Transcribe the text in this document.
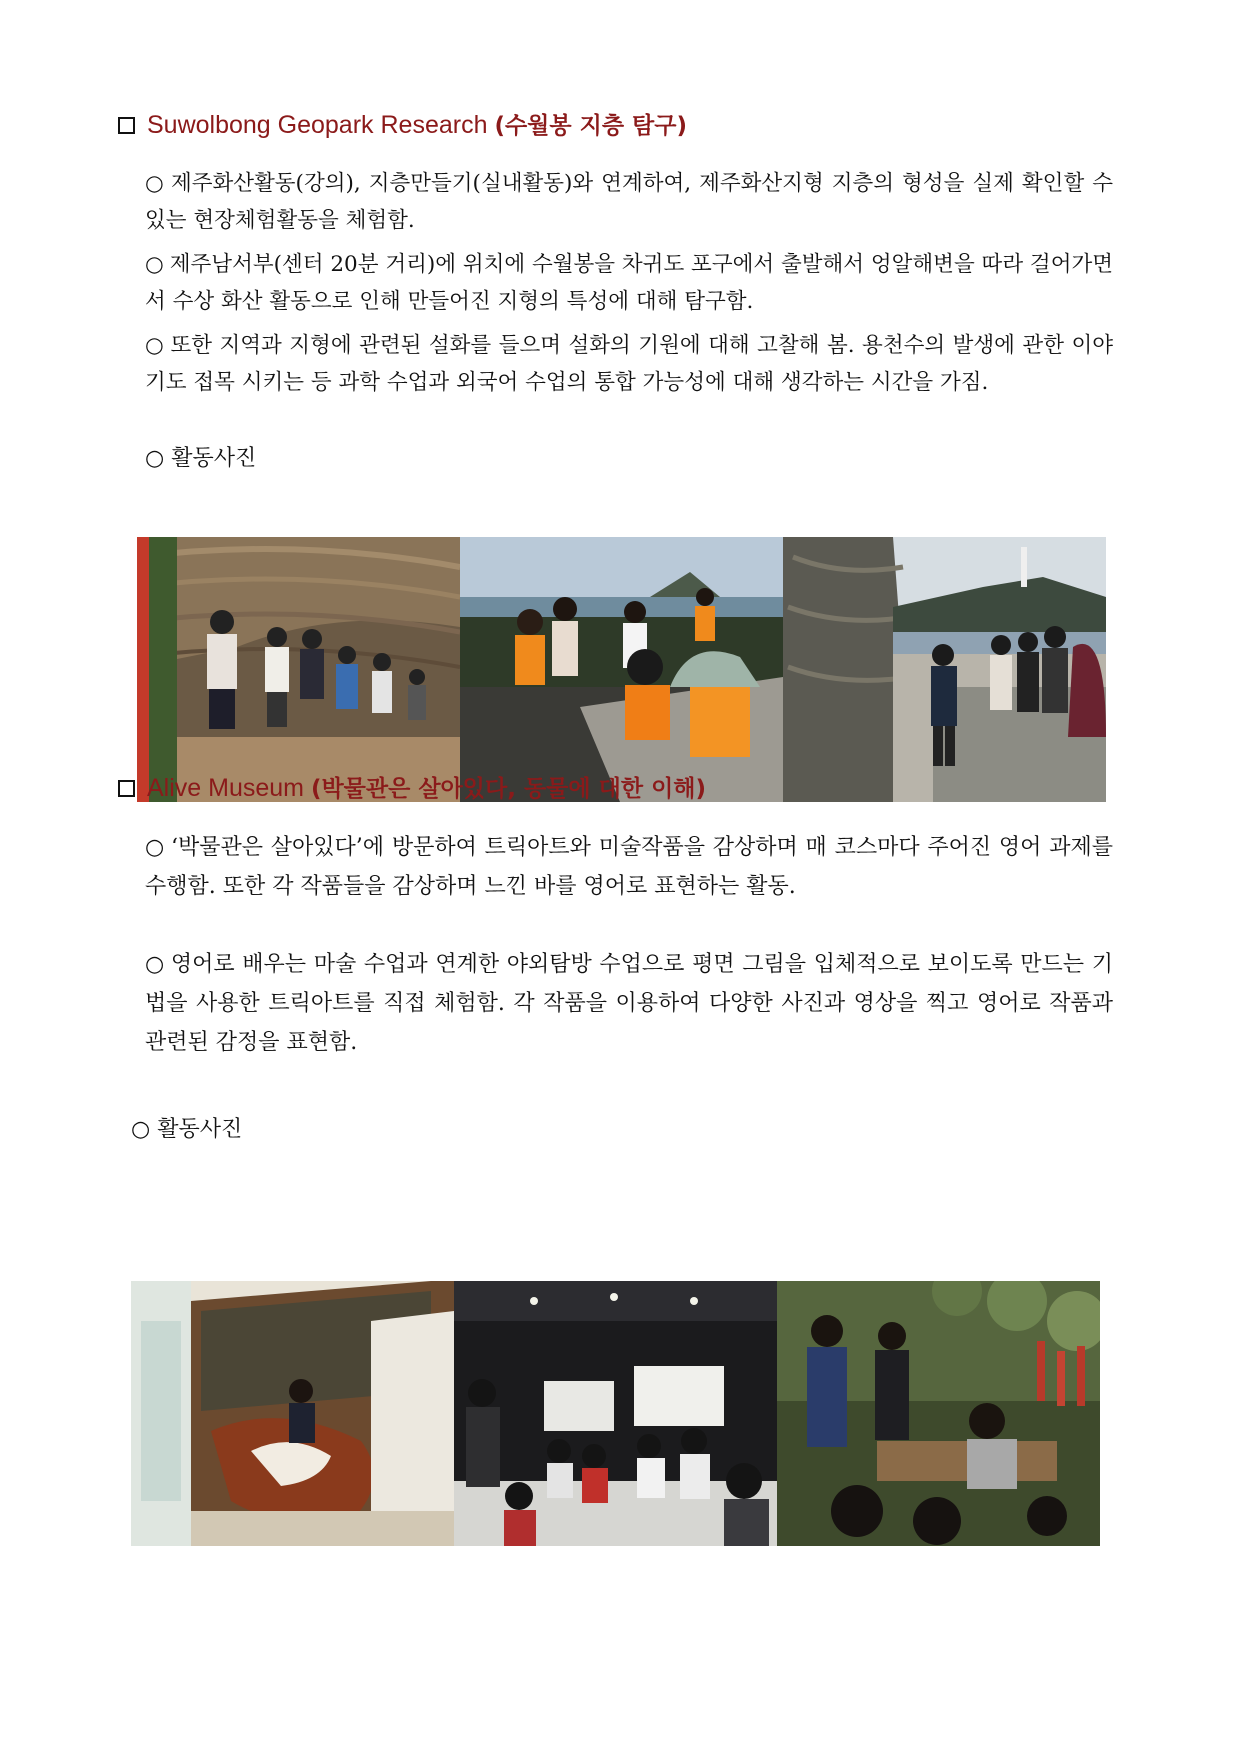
Suwolbong Geopark Research (수월봉 지층 탐구)
○ 제주화산활동(강의), 지층만들기(실내활동)와 연계하여, 제주화산지형 지층의 형성을 실제 확인할 수 있는 현장체험활동을 체험함.
○ 제주남서부(센터 20분 거리)에 위치에 수월봉을 차귀도 포구에서 출발해서 엉알해변을 따라 걸어가면서 수상 화산 활동으로 인해 만들어진 지형의 특성에 대해 탐구함.
○ 또한 지역과 지형에 관련된 설화를 들으며 설화의 기원에 대해 고찰해 봄. 용천수의 발생에 관한 이야기도 접목 시키는 등 과학 수업과 외국어 수업의 통합 가능성에 대해 생각하는 시간을 가짐.
○ 활동사진
Alive Museum (박물관은 살아있다, 동물에 대한 이해)
○ ‘박물관은 살아있다’에 방문하여 트릭아트와 미술작품을 감상하며 매 코스마다 주어진 영어 과제를 수행함. 또한 각 작품들을 감상하며 느낀 바를 영어로 표현하는 활동.
○ 영어로 배우는 마술 수업과 연계한 야외탐방 수업으로 평면 그림을 입체적으로 보이도록 만드는 기법을 사용한 트릭아트를 직접 체험함. 각 작품을 이용하여 다양한 사진과 영상을 찍고 영어로 작품과 관련된 감정을 표현함.
○ 활동사진
